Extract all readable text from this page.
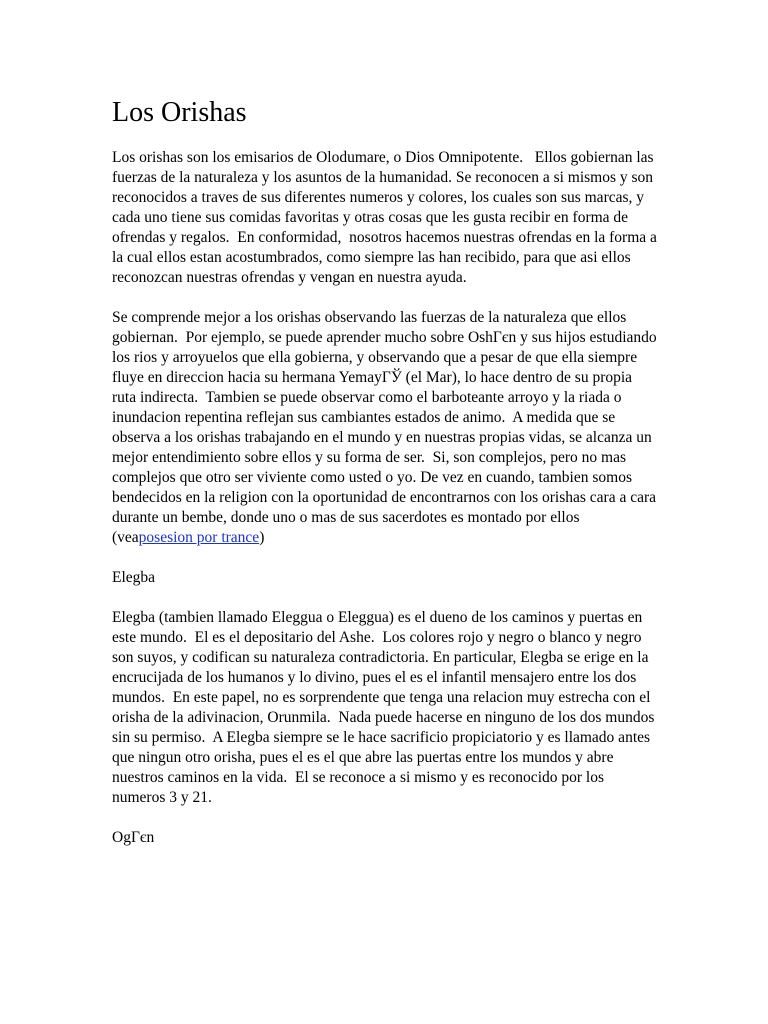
Los Orishas

Los orishas son los emisarios de Olodumare, o Dios Omnipotente.   Ellos gobiernan las fuerzas de la naturaleza y los asuntos de la humanidad. Se reconocen a si mismos y son reconocidos a traves de sus diferentes numeros y colores, los cuales son sus marcas, y cada uno tiene sus comidas favoritas y otras cosas que les gusta recibir en forma de ofrendas y regalos.  En conformidad,  nosotros hacemos nuestras ofrendas en la forma a la cual ellos estan acostumbrados, como siempre las han recibido, para que asi ellos reconozcan nuestras ofrendas y vengan en nuestra ayuda.

Se comprende mejor a los orishas observando las fuerzas de la naturaleza que ellos gobiernan.  Por ejemplo, se puede aprender mucho sobre OshΓєn y sus hijos estudiando los rios y arroyuelos que ella gobierna, y observando que a pesar de que ella siempre fluye en direccion hacia su hermana YemayΓЎ (el Mar), lo hace dentro de su propia ruta indirecta.  Tambien se puede observar como el barboteante arroyo y la riada o inundacion repentina reflejan sus cambiantes estados de animo.  A medida que se observa a los orishas trabajando en el mundo y en nuestras propias vidas, se alcanza un mejor entendimiento sobre ellos y su forma de ser.  Si, son complejos, pero no mas complejos que otro ser viviente como usted o yo. De vez en cuando, tambien somos bendecidos en la religion con la oportunidad de encontrarnos con los orishas cara a cara durante un bembe, donde uno o mas de sus sacerdotes es montado por ellos (veaposesion por trance)

Elegba

Elegba (tambien llamado Eleggua o Eleggua) es el dueno de los caminos y puertas en este mundo.  El es el depositario del Ashe.  Los colores rojo y negro o blanco y negro son suyos, y codifican su naturaleza contradictoria. En particular, Elegba se erige en la encrucijada de los humanos y lo divino, pues el es el infantil mensajero entre los dos mundos.  En este papel, no es sorprendente que tenga una relacion muy estrecha con el orisha de la adivinacion, Orunmila.  Nada puede hacerse en ninguno de los dos mundos sin su permiso.  A Elegba siempre se le hace sacrificio propiciatorio y es llamado antes que ningun otro orisha, pues el es el que abre las puertas entre los mundos y abre nuestros caminos en la vida.  El se reconoce a si mismo y es reconocido por los numeros 3 y 21.

OgΓєn
